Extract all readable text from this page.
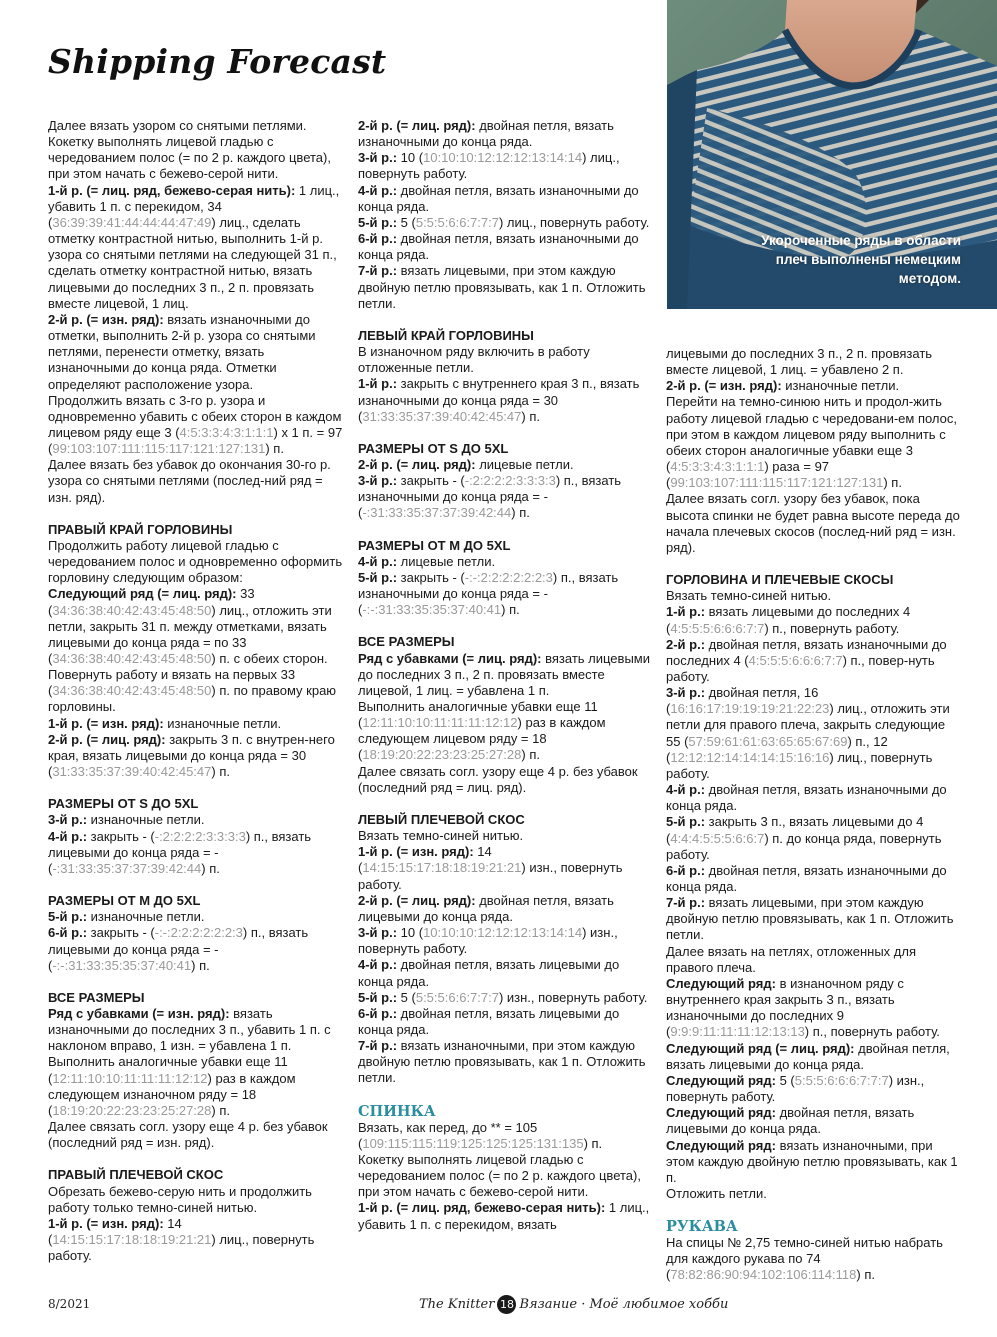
Shipping Forecast

Далее вязать узором со снятыми петлями. Кокетку выполнять лицевой гладью с чередованием полос (= по 2 р. каждого цвета), при этом начать с бежево-серой нити.
1-й р. (= лиц. ряд, бежево-серая нить): 1 лиц., убавить 1 п. с перекидом, 34 (36:39:39:41:44:44:44:47:49) лиц., сделать отметку контрастной нитью, выполнить 1-й р. узора со снятыми петлями на следующей 31 п., сделать отметку контрастной нитью, вязать лицевыми до последних 3 п., 2 п. провязать вместе лицевой, 1 лиц.
2-й р. (= изн. ряд): вязать изнаночными до отметки, выполнить 2-й р. узора со снятыми петлями, перенести отметку, вязать изнаночными до конца ряда. Отметки определяют расположение узора.
Продолжить вязать с 3-го р. узора и одновременно убавить с обеих сторон в каждом лицевом ряду еще 3 (4:5:3:3:4:3:1:1:1) х 1 п. = 97 (99:103:107:111:115:117:121:127:131) п.
Далее вязать без убавок до окончания 30-го р. узора со снятыми петлями (послед-ний ряд = изн. ряд).

ПРАВЫЙ КРАЙ ГОРЛОВИНЫ
Продолжить работу лицевой гладью с чередованием полос и одновременно оформить горловину следующим образом:
Следующий ряд (= лиц. ряд): 33 (34:36:38:40:42:43:45:48:50) лиц., отложить эти петли, закрыть 31 п. между отметками, вязать лицевыми до конца ряда = по 33 (34:36:38:40:42:43:45:48:50) п. с обеих сторон.
Повернуть работу и вязать на первых 33 (34:36:38:40:42:43:45:48:50) п. по правому краю горловины.
1-й р. (= изн. ряд): изнаночные петли.
2-й р. (= лиц. ряд): закрыть 3 п. с внутрен-него края, вязать лицевыми до конца ряда = 30 (31:33:35:37:39:40:42:45:47) п.

РАЗМЕРЫ ОТ S ДО 5XL
3-й р.: изнаночные петли.
4-й р.: закрыть - (-:2:2:2:2:3:3:3:3) п., вязать лицевыми до конца ряда = - (-:31:33:35:37:37:39:42:44) п.

РАЗМЕРЫ ОТ M ДО 5XL
5-й р.: изнаночные петли.
6-й р.: закрыть - (-:-:2:2:2:2:2:2:3) п., вязать лицевыми до конца ряда = - (-:-:31:33:35:35:37:40:41) п.

ВСЕ РАЗМЕРЫ
Ряд с убавками (= изн. ряд): вязать изнаночными до последних 3 п., убавить 1 п. с наклоном вправо, 1 изн. = убавлена 1 п.
Выполнить аналогичные убавки еще 11 (12:11:10:10:11:11:11:12:12) раз в каждом следующем изнаночном ряду = 18 (18:19:20:22:23:23:25:27:28) п.
Далее связать согл. узору еще 4 р. без убавок (последний ряд = изн. ряд).

ПРАВЫЙ ПЛЕЧЕВОЙ СКОС
Обрезать бежево-серую нить и продолжить работу только темно-синей нитью.
1-й р. (= изн. ряд): 14 (14:15:15:17:18:18:19:21:21) лиц., повернуть работу.

2-й р. (= лиц. ряд): двойная петля, вязать изнаночными до конца ряда.
3-й р.: 10 (10:10:10:12:12:12:13:14:14) лиц., повернуть работу.
4-й р.: двойная петля, вязать изнаночными до конца ряда.
5-й р.: 5 (5:5:5:6:6:7:7:7) лиц., повернуть работу.
6-й р.: двойная петля, вязать изнаночными до конца ряда.
7-й р.: вязать лицевыми, при этом каждую двойную петлю провязывать, как 1 п. Отложить петли.

ЛЕВЫЙ КРАЙ ГОРЛОВИНЫ
В изнаночном ряду включить в работу отложенные петли.
1-й р.: закрыть с внутреннего края 3 п., вязать изнаночными до конца ряда = 30 (31:33:35:37:39:40:42:45:47) п.

РАЗМЕРЫ ОТ S ДО 5XL
2-й р. (= лиц. ряд): лицевые петли.
3-й р.: закрыть - (-:2:2:2:2:3:3:3:3) п., вязать изнаночными до конца ряда = - (-:31:33:35:37:37:39:42:44) п.

РАЗМЕРЫ ОТ M ДО 5XL
4-й р.: лицевые петли.
5-й р.: закрыть - (-:-:2:2:2:2:2:2:3) п., вязать изнаночными до конца ряда = - (-:-:31:33:35:35:37:40:41) п.

ВСЕ РАЗМЕРЫ
Ряд с убавками (= лиц. ряд): вязать лицевыми до последних 3 п., 2 п. провязать вместе лицевой, 1 лиц. = убавлена 1 п.
Выполнить аналогичные убавки еще 11 (12:11:10:10:11:11:11:12:12) раз в каждом следующем лицевом ряду = 18 (18:19:20:22:23:23:25:27:28) п.
Далее связать согл. узору еще 4 р. без убавок (последний ряд = лиц. ряд).

ЛЕВЫЙ ПЛЕЧЕВОЙ СКОС
Вязать темно-синей нитью.
1-й р. (= изн. ряд): 14 (14:15:15:17:18:18:19:21:21) изн., повернуть работу.
2-й р. (= лиц. ряд): двойная петля, вязать лицевыми до конца ряда.
3-й р.: 10 (10:10:10:12:12:12:13:14:14) изн., повернуть работу.
4-й р.: двойная петля, вязать лицевыми до конца ряда.
5-й р.: 5 (5:5:5:6:6:7:7:7) изн., повернуть работу.
6-й р.: двойная петля, вязать лицевыми до конца ряда.
7-й р.: вязать изнаночными, при этом каждую двойную петлю провязывать, как 1 п. Отложить петли.

СПИНКА
Вязать, как перед, до ** = 105 (109:115:115:119:125:125:125:131:135) п.
Кокетку выполнять лицевой гладью с чередованием полос (= по 2 р. каждого цвета), при этом начать с бежево-серой нити.
1-й р. (= лиц. ряд, бежево-серая нить): 1 лиц., убавить 1 п. с перекидом, вязать

лицевыми до последних 3 п., 2 п. провязать вместе лицевой, 1 лиц. = убавлено 2 п.
2-й р. (= изн. ряд): изнаночные петли.
Перейти на темно-синюю нить и продол-жить работу лицевой гладью с чередовани-ем полос, при этом в каждом лицевом ряду выполнить с обеих сторон аналогичные убавки еще 3 (4:5:3:3:4:3:1:1:1) раза = 97 (99:103:107:111:115:117:121:127:131) п.
Далее вязать согл. узору без убавок, пока высота спинки не будет равна высоте переда до начала плечевых скосов (послед-ний ряд = изн. ряд).

ГОРЛОВИНА И ПЛЕЧЕВЫЕ СКОСЫ
Вязать темно-синей нитью.
1-й р.: вязать лицевыми до последних 4 (4:5:5:5:6:6:6:7:7) п., повернуть работу.
2-й р.: двойная петля, вязать изнаночными до последних 4 (4:5:5:5:6:6:6:7:7) п., повер-нуть работу.
3-й р.: двойная петля, 16 (16:16:17:19:19:19:21:22:23) лиц., отложить эти петли для правого плеча, закрыть следующие 55 (57:59:61:61:63:65:65:67:69) п., 12 (12:12:12:14:14:14:15:16:16) лиц., повернуть работу.
4-й р.: двойная петля, вязать изнаночными до конца ряда.
5-й р.: закрыть 3 п., вязать лицевыми до 4 (4:4:4:5:5:5:6:6:7) п. до конца ряда, повернуть работу.
6-й р.: двойная петля, вязать изнаночными до конца ряда.
7-й р.: вязать лицевыми, при этом каждую двойную петлю провязывать, как 1 п. Отложить петли.
Далее вязать на петлях, отложенных для правого плеча.
Следующий ряд: в изнаночном ряду с внутреннего края закрыть 3 п., вязать изнаночными до последних 9 (9:9:9:11:11:11:12:13:13) п., повернуть работу.
Следующий ряд (= лиц. ряд): двойная петля, вязать лицевыми до конца ряда.
Следующий ряд: 5 (5:5:5:6:6:6:7:7:7) изн., повернуть работу.
Следующий ряд: двойная петля, вязать лицевыми до конца ряда.
Следующий ряд: вязать изнаночными, при этом каждую двойную петлю провязывать, как 1 п.
Отложить петли.

РУКАВА
На спицы № 2,75 темно-синей нитью набрать для каждого рукава по 74 (78:82:86:90:94:102:106:114:118) п.

Укороченные ряды в области плеч выполнены немецким методом.
8/2021	The Knitter 18 Вязание · Моё любимое хобби
